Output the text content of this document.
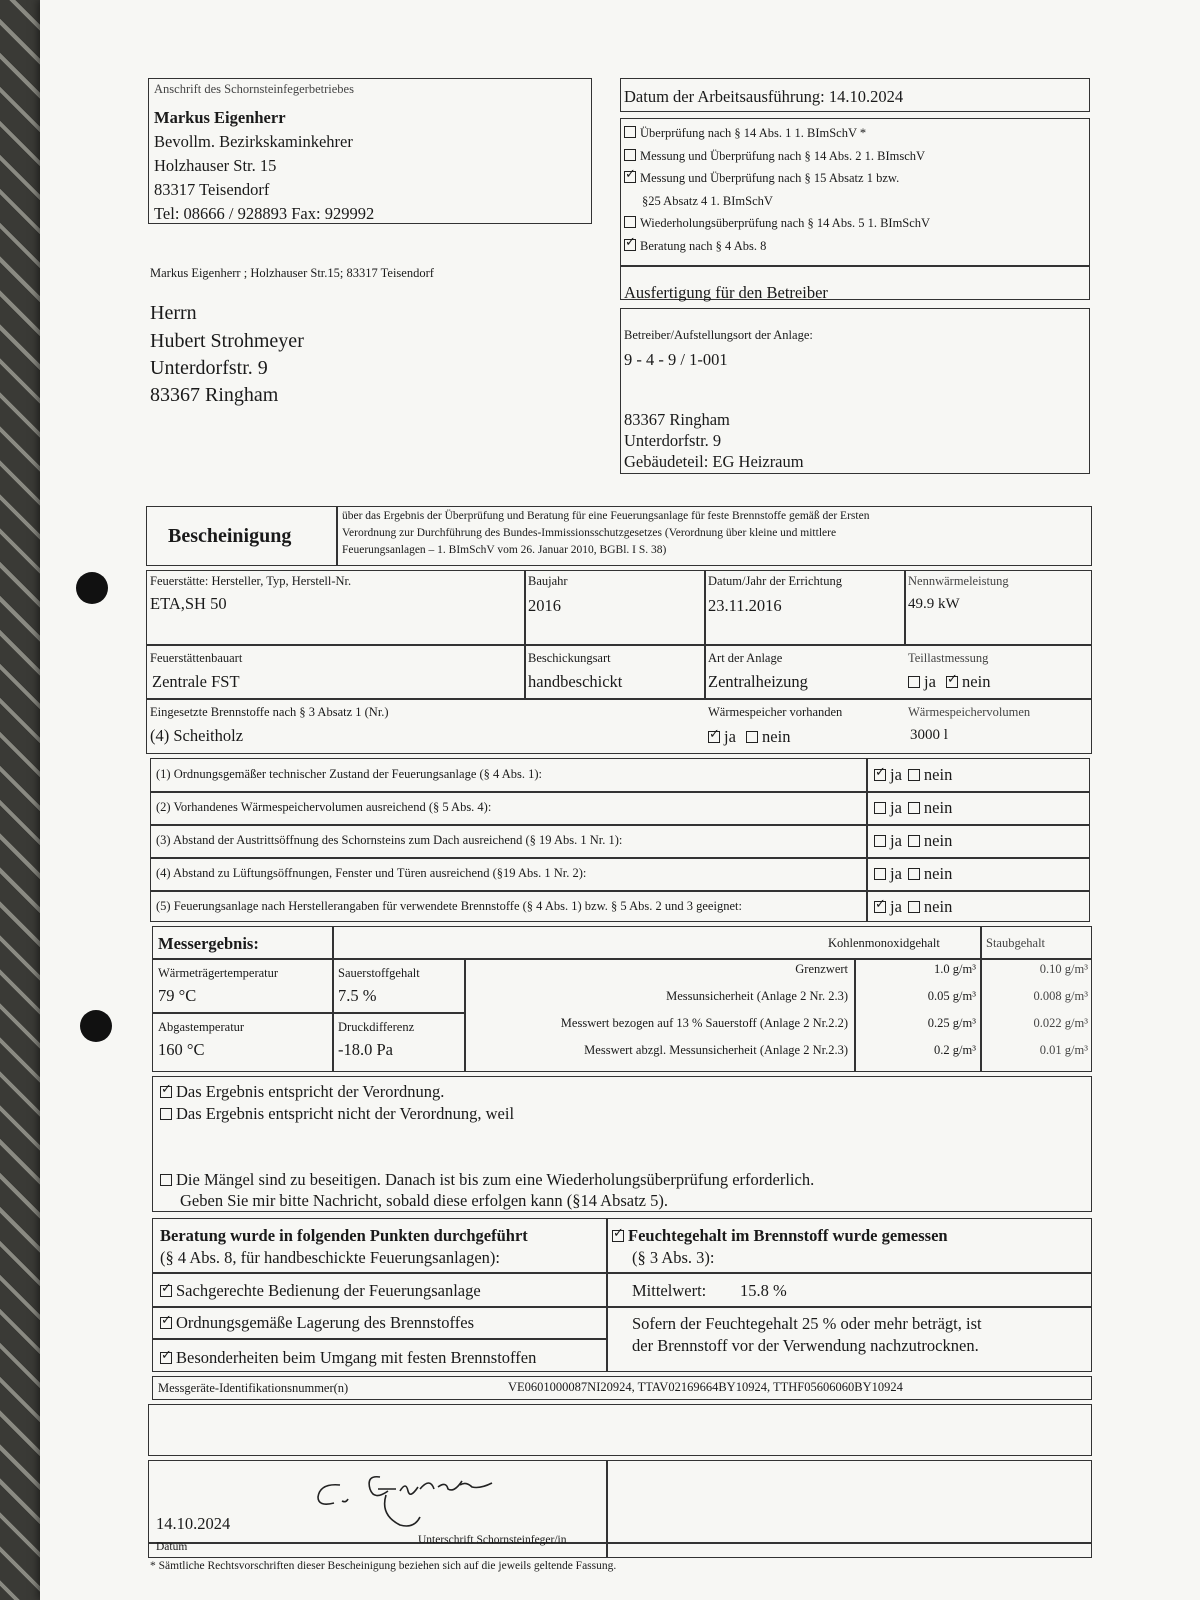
Anschrift des Schornsteinfegerbetriebes
Markus Eigenherr
Bevollm. Bezirkskaminkehrer
Holzhauser Str. 15
83317 Teisendorf
Tel: 08666 / 928893 Fax: 929992
Markus Eigenherr ; Holzhauser Str.15; 83317 Teisendorf
Herrn
Hubert Strohmeyer
Unterdorfstr. 9
83367 Ringham
Datum der Arbeitsausführung: 14.10.2024
Überprüfung nach § 14 Abs. 1 1. BImSchV *
Messung und Überprüfung nach § 14 Abs. 2 1. BImschV
✓Messung und Überprüfung nach § 15 Absatz 1 bzw.
§25 Absatz 4 1. BImSchV
Wiederholungsüberprüfung nach § 14 Abs. 5 1. BImSchV
✓Beratung nach § 4 Abs. 8
Ausfertigung für den Betreiber
Betreiber/Aufstellungsort der Anlage:
9 - 4 - 9 / 1-001
83367 Ringham
Unterdorfstr. 9
Gebäudeteil: EG Heizraum
Bescheinigung
über das Ergebnis der Überprüfung und Beratung für eine Feuerungsanlage für feste Brennstoffe gemäß der Ersten
Verordnung zur Durchführung des Bundes-Immissionsschutzgesetzes (Verordnung über kleine und mittlere
Feuerungsanlagen – 1. BImSchV vom 26. Januar 2010, BGBl. I S. 38)
Feuerstätte: Hersteller, Typ, Herstell-Nr.
ETA,SH 50
Baujahr
2016
Datum/Jahr der Errichtung
23.11.2016
Nennwärmeleistung
49.9 kW
Feuerstättenbauart
Zentrale FST
Beschickungsart
handbeschickt
Art der Anlage
Zentralheizung
Teillastmessung
ja ✓ nein
Eingesetzte Brennstoffe nach § 3 Absatz 1 (Nr.)
(4) Scheitholz
Wärmespeicher vorhanden
✓ja nein
Wärmespeichervolumen
3000 l
(1) Ordnungsgemäßer technischer Zustand der Feuerungsanlage (§ 4 Abs. 1): ✓	ja nein
(2) Vorhandenes Wärmespeichervolumen ausreichend (§ 5 Abs. 4):	ja nein
(3) Abstand der Austrittsöffnung des Schornsteins zum Dach ausreichend (§ 19 Abs. 1 Nr. 1):	ja nein
(4) Abstand zu Lüftungsöffnungen, Fenster und Türen ausreichend (§19 Abs. 1 Nr. 2):	ja nein
(5) Feuerungsanlage nach Herstellerangaben für verwendete Brennstoffe (§ 4 Abs. 1) bzw. § 5 Abs. 2 und 3 geeignet: ✓	ja nein
Messergebnis:	Kohlenmonoxidgehalt	Staubgehalt
Wärmeträgertemperatur
79 °C
Sauerstoffgehalt
7.5 %
Abgastemperatur
160 °C
Druckdifferenz
-18.0 Pa
Grenzwert	1.0 g/m³	0.10 g/m³
Messunsicherheit (Anlage 2 Nr. 2.3)	0.05 g/m³	0.008 g/m³
Messwert bezogen auf 13 % Sauerstoff (Anlage 2 Nr.2.2)	0.25 g/m³	0.022 g/m³
Messwert abzgl. Messunsicherheit (Anlage 2 Nr.2.3)	0.2 g/m³	0.01 g/m³
✓Das Ergebnis entspricht der Verordnung.
Das Ergebnis entspricht nicht der Verordnung, weil
Die Mängel sind zu beseitigen. Danach ist bis zum eine Wiederholungsüberprüfung erforderlich.
Geben Sie mir bitte Nachricht, sobald diese erfolgen kann (§14 Absatz 5).
Beratung wurde in folgenden Punkten durchgeführt
(§ 4 Abs. 8, für handbeschickte Feuerungsanlagen):
✓Sachgerechte Bedienung der Feuerungsanlage
✓Ordnungsgemäße Lagerung des Brennstoffes
✓Besonderheiten beim Umgang mit festen Brennstoffen
✓Feuchtegehalt im Brennstoff wurde gemessen
(§ 3 Abs. 3):
Mittelwert: 15.8 %
Sofern der Feuchtegehalt 25 % oder mehr beträgt, ist
der Brennstoff vor der Verwendung nachzutrocknen.
Messgeräte-Identifikationsnummer(n)	VE0601000087NI20924, TTAV02169664BY10924, TTHF05606060BY10924
14.10.2024
Datum
Unterschrift Schornsteinfeger/in
* Sämtliche Rechtsvorschriften dieser Bescheinigung beziehen sich auf die jeweils geltende Fassung.
